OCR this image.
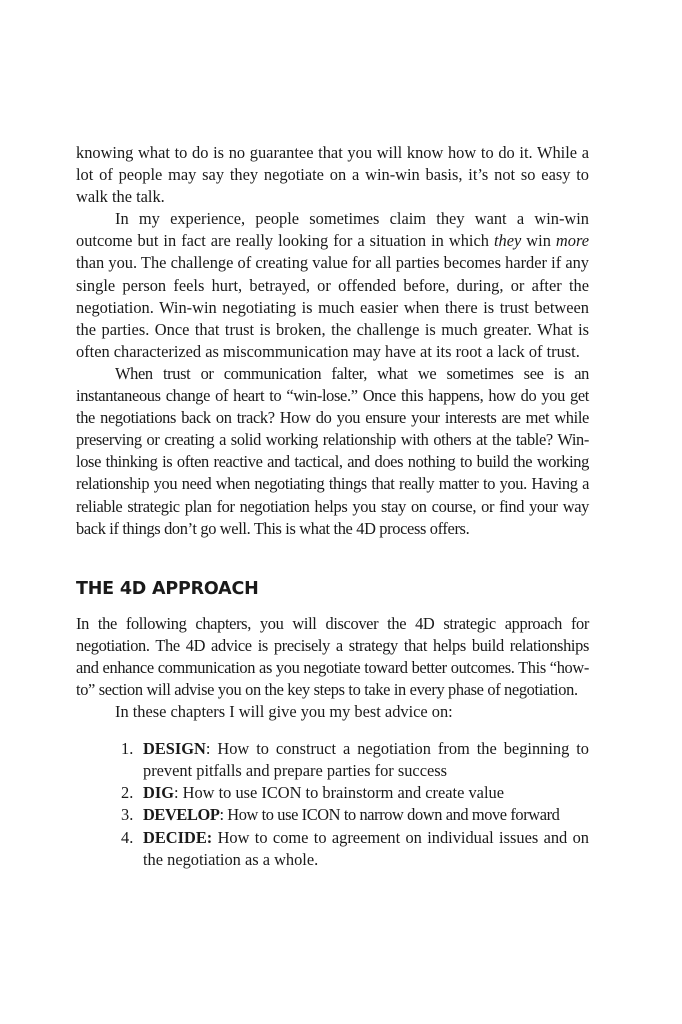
knowing what to do is no guarantee that you will know how to do it. While a lot of people may say they negotiate on a win-win basis, it’s not so easy to walk the talk.

In my experience, people sometimes claim they want a win-win outcome but in fact are really looking for a situation in which they win more than you. The challenge of creating value for all parties becomes harder if any single person feels hurt, betrayed, or offended before, during, or after the negotiation. Win-win negotiating is much easier when there is trust between the parties. Once that trust is broken, the challenge is much greater. What is often characterized as miscommunication may have at its root a lack of trust.

When trust or communication falter, what we sometimes see is an instantaneous change of heart to “win-lose.” Once this happens, how do you get the negotiations back on track? How do you ensure your interests are met while preserving or creating a solid working relationship with others at the table? Win-lose thinking is often reactive and tactical, and does nothing to build the working relationship you need when negotiating things that really matter to you. Having a reliable strategic plan for negotiation helps you stay on course, or find your way back if things don’t go well. This is what the 4D process offers.

THE 4D APPROACH

In the following chapters, you will discover the 4D strategic approach for negotiation. The 4D advice is precisely a strategy that helps build relationships and enhance communication as you negotiate toward better outcomes. This “how-to” section will advise you on the key steps to take in every phase of negotiation.

In these chapters I will give you my best advice on:

1. DESIGN: How to construct a negotiation from the beginning to prevent pitfalls and prepare parties for success
2. DIG: How to use ICON to brainstorm and create value
3. DEVELOP: How to use ICON to narrow down and move forward
4. DECIDE: How to come to agreement on individual issues and on the negotiation as a whole.
